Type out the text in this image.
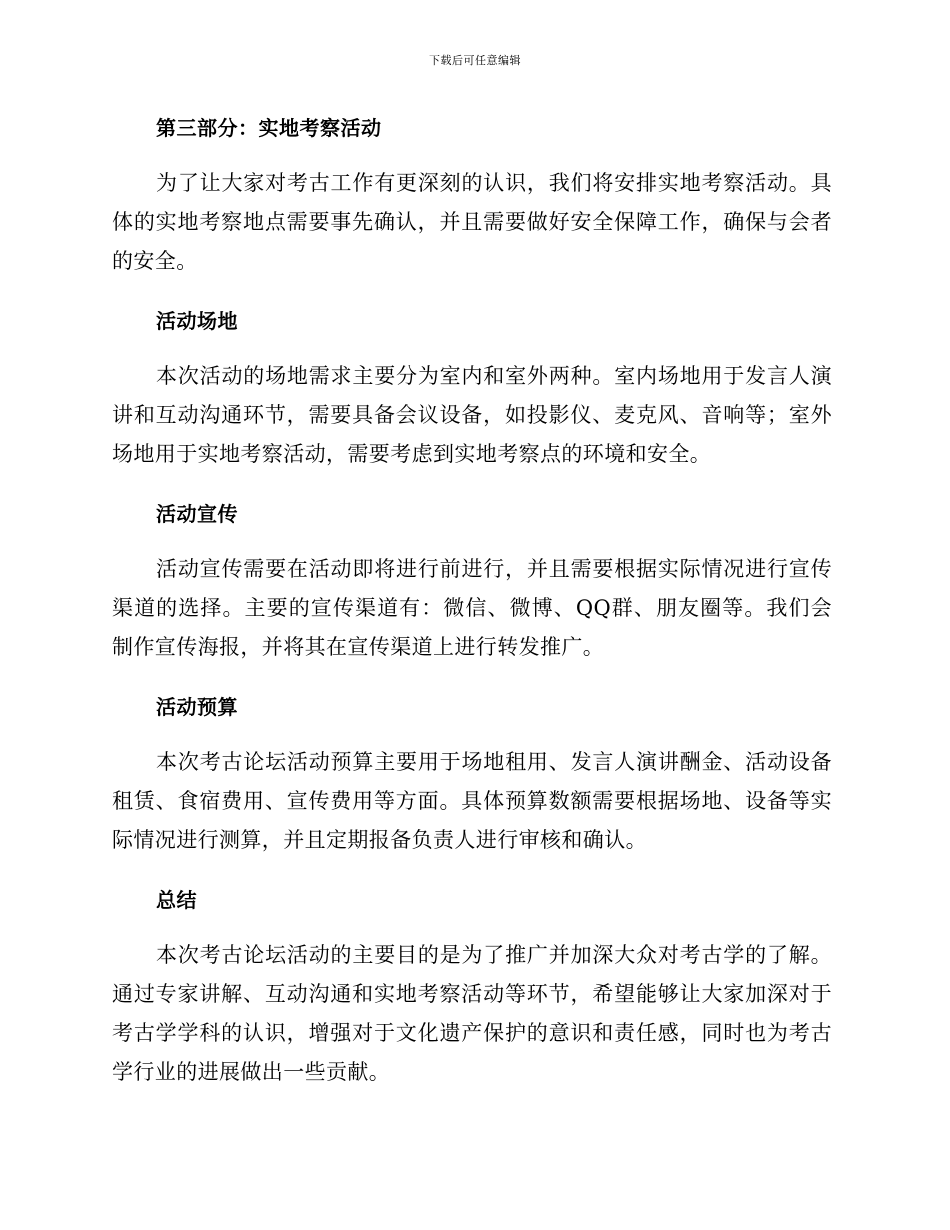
下载后可任意编辑
第三部分：实地考察活动

为了让大家对考古工作有更深刻的认识，我们将安排实地考察活动。具体的实地考察地点需要事先确认，并且需要做好安全保障工作，确保与会者的安全。

活动场地

本次活动的场地需求主要分为室内和室外两种。室内场地用于发言人演讲和互动沟通环节，需要具备会议设备，如投影仪、麦克风、音响等；室外场地用于实地考察活动，需要考虑到实地考察点的环境和安全。

活动宣传

活动宣传需要在活动即将进行前进行，并且需要根据实际情况进行宣传渠道的选择。主要的宣传渠道有：微信、微博、QQ群、朋友圈等。我们会制作宣传海报，并将其在宣传渠道上进行转发推广。

活动预算

本次考古论坛活动预算主要用于场地租用、发言人演讲酬金、活动设备租赁、食宿费用、宣传费用等方面。具体预算数额需要根据场地、设备等实际情况进行测算，并且定期报备负责人进行审核和确认。

总结

本次考古论坛活动的主要目的是为了推广并加深大众对考古学的了解。通过专家讲解、互动沟通和实地考察活动等环节，希望能够让大家加深对于考古学学科的认识，增强对于文化遗产保护的意识和责任感，同时也为考古学行业的进展做出一些贡献。
